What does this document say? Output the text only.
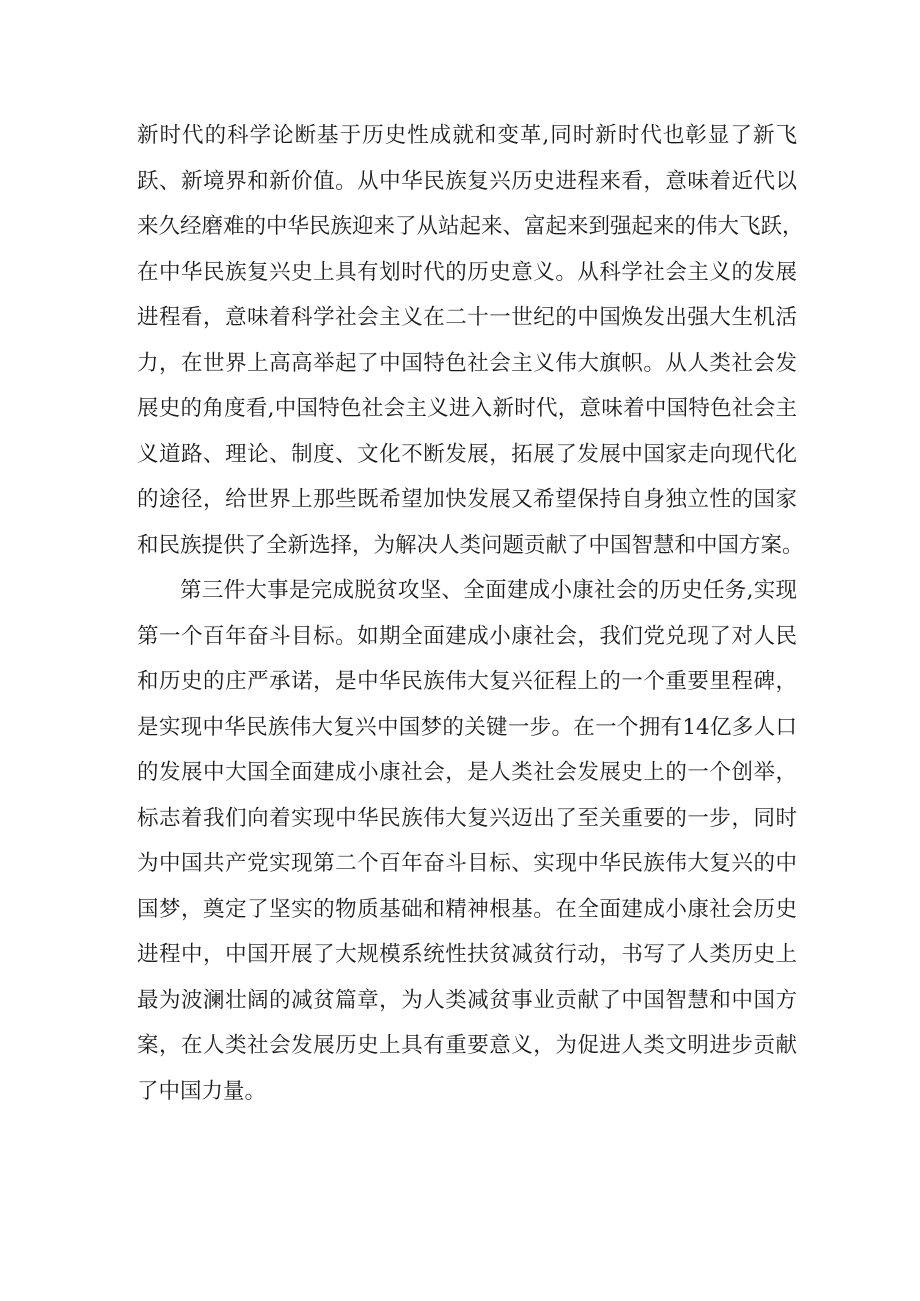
新时代的科学论断基于历史性成就和变革,同时新时代也彰显了新飞
跃、新境界和新价值。从中华民族复兴历史进程来看，意味着近代以
来久经磨难的中华民族迎来了从站起来、富起来到强起来的伟大飞跃，
在中华民族复兴史上具有划时代的历史意义。从科学社会主义的发展
进程看，意味着科学社会主义在二十一世纪的中国焕发出强大生机活
力，在世界上高高举起了中国特色社会主义伟大旗帜。从人类社会发
展史的角度看,中国特色社会主义进入新时代，意味着中国特色社会主
义道路、理论、制度、文化不断发展，拓展了发展中国家走向现代化
的途径，给世界上那些既希望加快发展又希望保持自身独立性的国家
和民族提供了全新选择，为解决人类问题贡献了中国智慧和中国方案。
第三件大事是完成脱贫攻坚、全面建成小康社会的历史任务,实现
第一个百年奋斗目标。如期全面建成小康社会，我们党兑现了对人民
和历史的庄严承诺，是中华民族伟大复兴征程上的一个重要里程碑，
是实现中华民族伟大复兴中国梦的关键一步。在一个拥有14亿多人口
的发展中大国全面建成小康社会，是人类社会发展史上的一个创举，
标志着我们向着实现中华民族伟大复兴迈出了至关重要的一步，同时
为中国共产党实现第二个百年奋斗目标、实现中华民族伟大复兴的中
国梦，奠定了坚实的物质基础和精神根基。在全面建成小康社会历史
进程中，中国开展了大规模系统性扶贫减贫行动，书写了人类历史上
最为波澜壮阔的减贫篇章，为人类减贫事业贡献了中国智慧和中国方
案，在人类社会发展历史上具有重要意义，为促进人类文明进步贡献
了中国力量。
